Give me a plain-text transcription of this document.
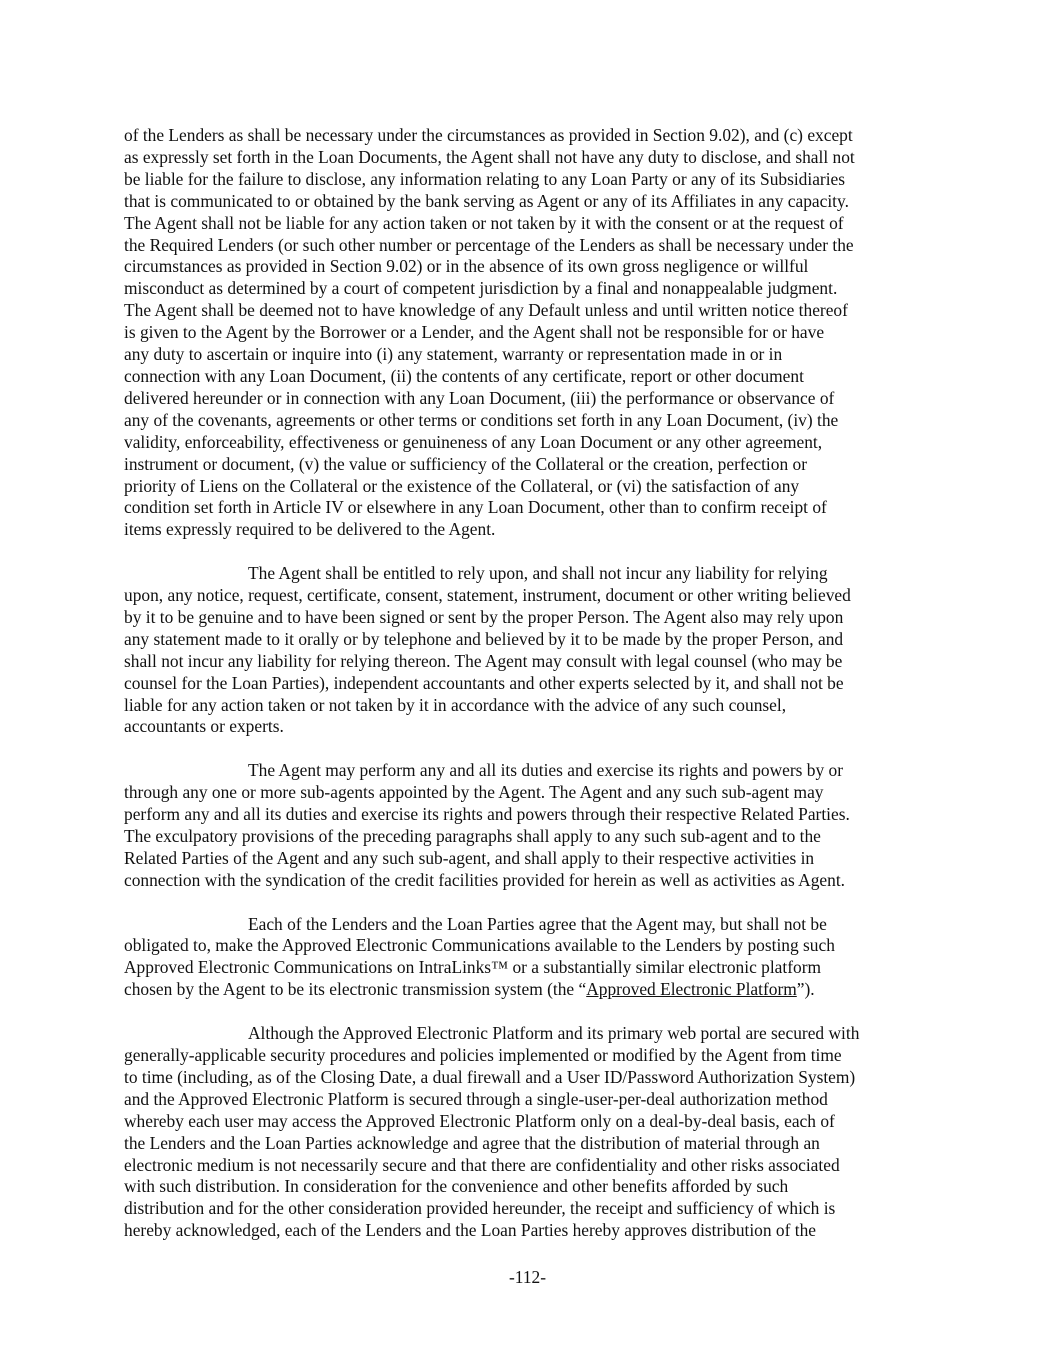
of the Lenders as shall be necessary under the circumstances as provided in Section 9.02), and (c) except
as expressly set forth in the Loan Documents, the Agent shall not have any duty to disclose, and shall not
be liable for the failure to disclose, any information relating to any Loan Party or any of its Subsidiaries
that is communicated to or obtained by the bank serving as Agent or any of its Affiliates in any capacity.
The Agent shall not be liable for any action taken or not taken by it with the consent or at the request of
the Required Lenders (or such other number or percentage of the Lenders as shall be necessary under the
circumstances as provided in Section 9.02) or in the absence of its own gross negligence or willful
misconduct as determined by a court of competent jurisdiction by a final and nonappealable judgment.
The Agent shall be deemed not to have knowledge of any Default unless and until written notice thereof
is given to the Agent by the Borrower or a Lender, and the Agent shall not be responsible for or have
any duty to ascertain or inquire into (i) any statement, warranty or representation made in or in
connection with any Loan Document, (ii) the contents of any certificate, report or other document
delivered hereunder or in connection with any Loan Document, (iii) the performance or observance of
any of the covenants, agreements or other terms or conditions set forth in any Loan Document, (iv) the
validity, enforceability, effectiveness or genuineness of any Loan Document or any other agreement,
instrument or document, (v) the value or sufficiency of the Collateral or the creation, perfection or
priority of Liens on the Collateral or the existence of the Collateral, or (vi) the satisfaction of any
condition set forth in Article IV or elsewhere in any Loan Document, other than to confirm receipt of
items expressly required to be delivered to the Agent.

The Agent shall be entitled to rely upon, and shall not incur any liability for relying
upon, any notice, request, certificate, consent, statement, instrument, document or other writing believed
by it to be genuine and to have been signed or sent by the proper Person. The Agent also may rely upon
any statement made to it orally or by telephone and believed by it to be made by the proper Person, and
shall not incur any liability for relying thereon. The Agent may consult with legal counsel (who may be
counsel for the Loan Parties), independent accountants and other experts selected by it, and shall not be
liable for any action taken or not taken by it in accordance with the advice of any such counsel,
accountants or experts.

The Agent may perform any and all its duties and exercise its rights and powers by or
through any one or more sub-agents appointed by the Agent. The Agent and any such sub-agent may
perform any and all its duties and exercise its rights and powers through their respective Related Parties.
The exculpatory provisions of the preceding paragraphs shall apply to any such sub-agent and to the
Related Parties of the Agent and any such sub-agent, and shall apply to their respective activities in
connection with the syndication of the credit facilities provided for herein as well as activities as Agent.

Each of the Lenders and the Loan Parties agree that the Agent may, but shall not be
obligated to, make the Approved Electronic Communications available to the Lenders by posting such
Approved Electronic Communications on IntraLinks™ or a substantially similar electronic platform
chosen by the Agent to be its electronic transmission system (the “Approved Electronic Platform”).

Although the Approved Electronic Platform and its primary web portal are secured with
generally-applicable security procedures and policies implemented or modified by the Agent from time
to time (including, as of the Closing Date, a dual firewall and a User ID/Password Authorization System)
and the Approved Electronic Platform is secured through a single-user-per-deal authorization method
whereby each user may access the Approved Electronic Platform only on a deal-by-deal basis, each of
the Lenders and the Loan Parties acknowledge and agree that the distribution of material through an
electronic medium is not necessarily secure and that there are confidentiality and other risks associated
with such distribution. In consideration for the convenience and other benefits afforded by such
distribution and for the other consideration provided hereunder, the receipt and sufficiency of which is
hereby acknowledged, each of the Lenders and the Loan Parties hereby approves distribution of the

-112-
